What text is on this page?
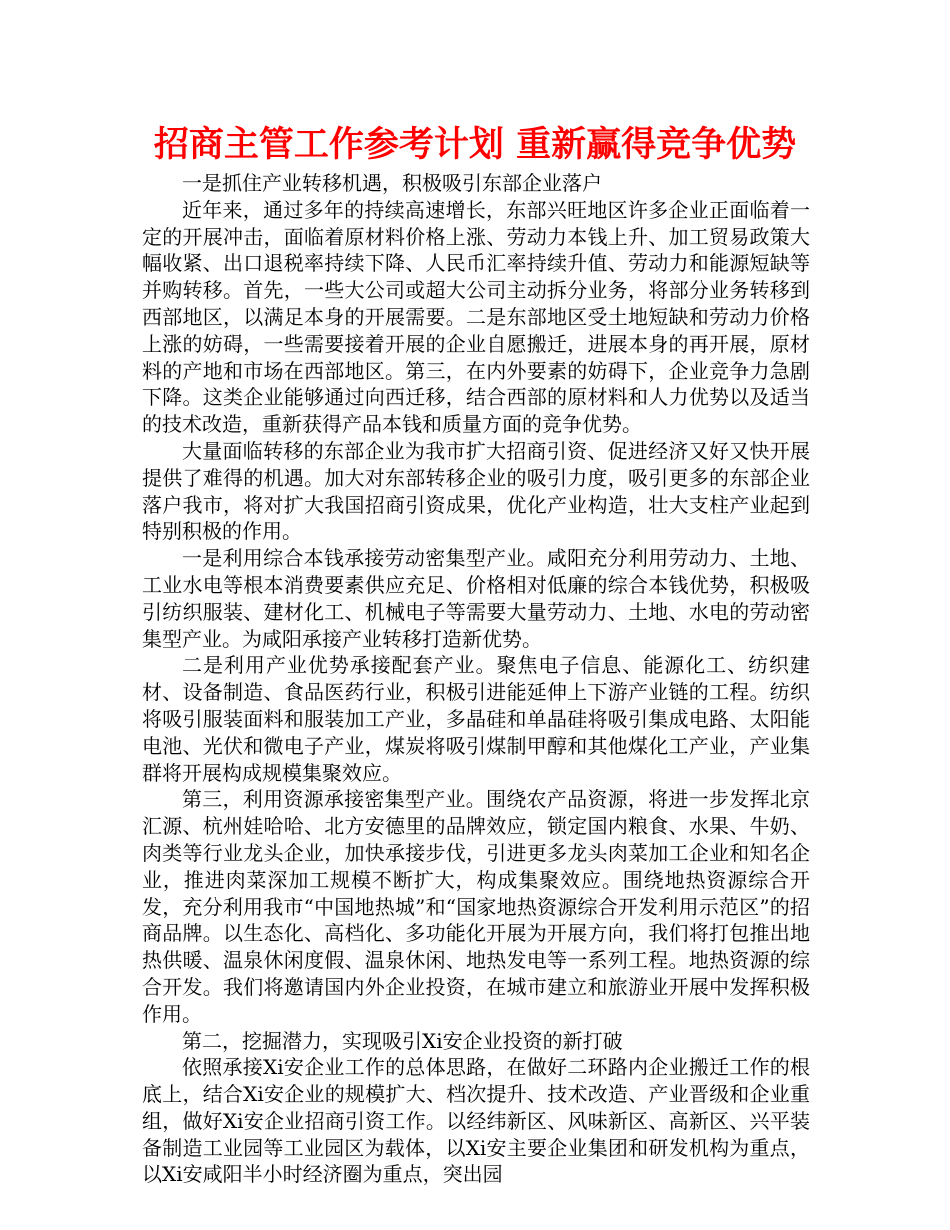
招商主管工作参考计划 重新赢得竞争优势

一是抓住产业转移机遇，积极吸引东部企业落户

近年来，通过多年的持续高速增长，东部兴旺地区许多企业正面临着一定的开展冲击，面临着原材料价格上涨、劳动力本钱上升、加工贸易政策大幅收紧、出口退税率持续下降、人民币汇率持续升值、劳动力和能源短缺等并购转移。首先，一些大公司或超大公司主动拆分业务，将部分业务转移到西部地区，以满足本身的开展需要。二是东部地区受土地短缺和劳动力价格上涨的妨碍，一些需要接着开展的企业自愿搬迁，进展本身的再开展，原材料的产地和市场在西部地区。第三，在内外要素的妨碍下，企业竞争力急剧下降。这类企业能够通过向西迁移，结合西部的原材料和人力优势以及适当的技术改造，重新获得产品本钱和质量方面的竞争优势。

大量面临转移的东部企业为我市扩大招商引资、促进经济又好又快开展提供了难得的机遇。加大对东部转移企业的吸引力度，吸引更多的东部企业落户我市，将对扩大我国招商引资成果，优化产业构造，壮大支柱产业起到特别积极的作用。

一是利用综合本钱承接劳动密集型产业。咸阳充分利用劳动力、土地、工业水电等根本消费要素供应充足、价格相对低廉的综合本钱优势，积极吸引纺织服装、建材化工、机械电子等需要大量劳动力、土地、水电的劳动密集型产业。为咸阳承接产业转移打造新优势。

二是利用产业优势承接配套产业。聚焦电子信息、能源化工、纺织建材、设备制造、食品医药行业，积极引进能延伸上下游产业链的工程。纺织将吸引服装面料和服装加工产业，多晶硅和单晶硅将吸引集成电路、太阳能电池、光伏和微电子产业，煤炭将吸引煤制甲醇和其他煤化工产业，产业集群将开展构成规模集聚效应。

第三，利用资源承接密集型产业。围绕农产品资源，将进一步发挥北京汇源、杭州娃哈哈、北方安德里的品牌效应，锁定国内粮食、水果、牛奶、肉类等行业龙头企业，加快承接步伐，引进更多龙头肉菜加工企业和知名企业，推进肉菜深加工规模不断扩大，构成集聚效应。围绕地热资源综合开发，充分利用我市“中国地热城”和“国家地热资源综合开发利用示范区”的招商品牌。以生态化、高档化、多功能化开展为开展方向，我们将打包推出地热供暖、温泉休闲度假、温泉休闲、地热发电等一系列工程。地热资源的综合开发。我们将邀请国内外企业投资，在城市建立和旅游业开展中发挥积极作用。

第二，挖掘潜力，实现吸引Xi安企业投资的新打破

依照承接Xi安企业工作的总体思路，在做好二环路内企业搬迁工作的根底上，结合Xi安企业的规模扩大、档次提升、技术改造、产业晋级和企业重组，做好Xi安企业招商引资工作。以经纬新区、风味新区、高新区、兴平装备制造工业园等工业园区为载体，以Xi安主要企业集团和研发机构为重点，以Xi安咸阳半小时经济圈为重点，突出园
